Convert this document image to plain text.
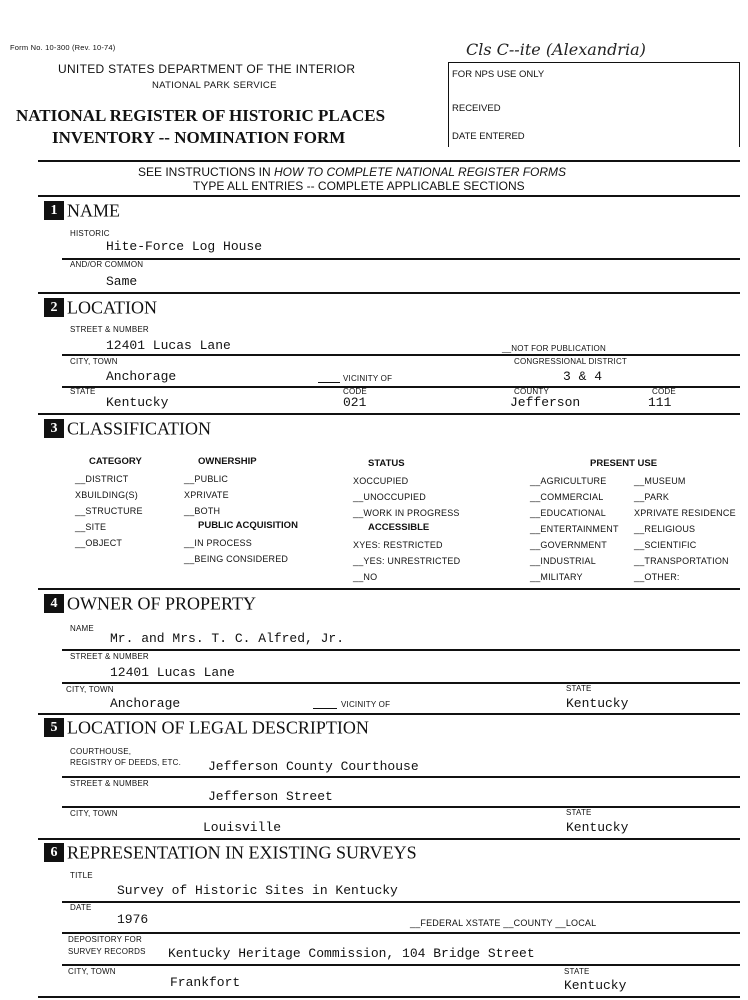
Form No. 10-300 (Rev. 10-74)
UNITED STATES DEPARTMENT OF THE INTERIOR
NATIONAL PARK SERVICE
NATIONAL REGISTER OF HISTORIC PLACES
INVENTORY -- NOMINATION FORM
FOR NPS USE ONLY
RECEIVED
DATE ENTERED
Cls C--ite (Alexandria)
SEE INSTRUCTIONS IN HOW TO COMPLETE NATIONAL REGISTER FORMS
TYPE ALL ENTRIES -- COMPLETE APPLICABLE SECTIONS
1 NAME
HISTORIC
Hite-Force Log House
AND/OR COMMON
Same
2 LOCATION
STREET & NUMBER
12401 Lucas Lane	__NOT FOR PUBLICATION
CITY, TOWN	CONGRESSIONAL DISTRICT
Anchorage	VICINITY OF	3 & 4
STATE	CODE	COUNTY	CODE
Kentucky	021	Jefferson	111
3 CLASSIFICATION
CATEGORY
__DISTRICT
XBUILDING(S)
__STRUCTURE
__SITE
__OBJECT
OWNERSHIP
__PUBLIC
XPRIVATE
__BOTH
PUBLIC ACQUISITION
__IN PROCESS
__BEING CONSIDERED
STATUS
XOCCUPIED
__UNOCCUPIED
__WORK IN PROGRESS
ACCESSIBLE
XYES: RESTRICTED
__YES: UNRESTRICTED
__NO
PRESENT USE
__AGRICULTURE
__COMMERCIAL
__EDUCATIONAL
__ENTERTAINMENT
__GOVERNMENT
__INDUSTRIAL
__MILITARY
__MUSEUM
__PARK
XPRIVATE RESIDENCE
__RELIGIOUS
__SCIENTIFIC
__TRANSPORTATION
__OTHER:
4 OWNER OF PROPERTY
NAME
Mr. and Mrs. T. C. Alfred, Jr.
STREET & NUMBER
12401 Lucas Lane
CITY, TOWN	STATE
Anchorage	VICINITY OF	Kentucky
5 LOCATION OF LEGAL DESCRIPTION
COURTHOUSE,
REGISTRY OF DEEDS, ETC. Jefferson County Courthouse
STREET & NUMBER
Jefferson Street
CITY, TOWN	STATE
Louisville	Kentucky
6 REPRESENTATION IN EXISTING SURVEYS
TITLE
Survey of Historic Sites in Kentucky
DATE
1976	__FEDERAL XSTATE __COUNTY __LOCAL
DEPOSITORY FOR
SURVEY RECORDS Kentucky Heritage Commission, 104 Bridge Street
CITY, TOWN	STATE
Frankfort	Kentucky
